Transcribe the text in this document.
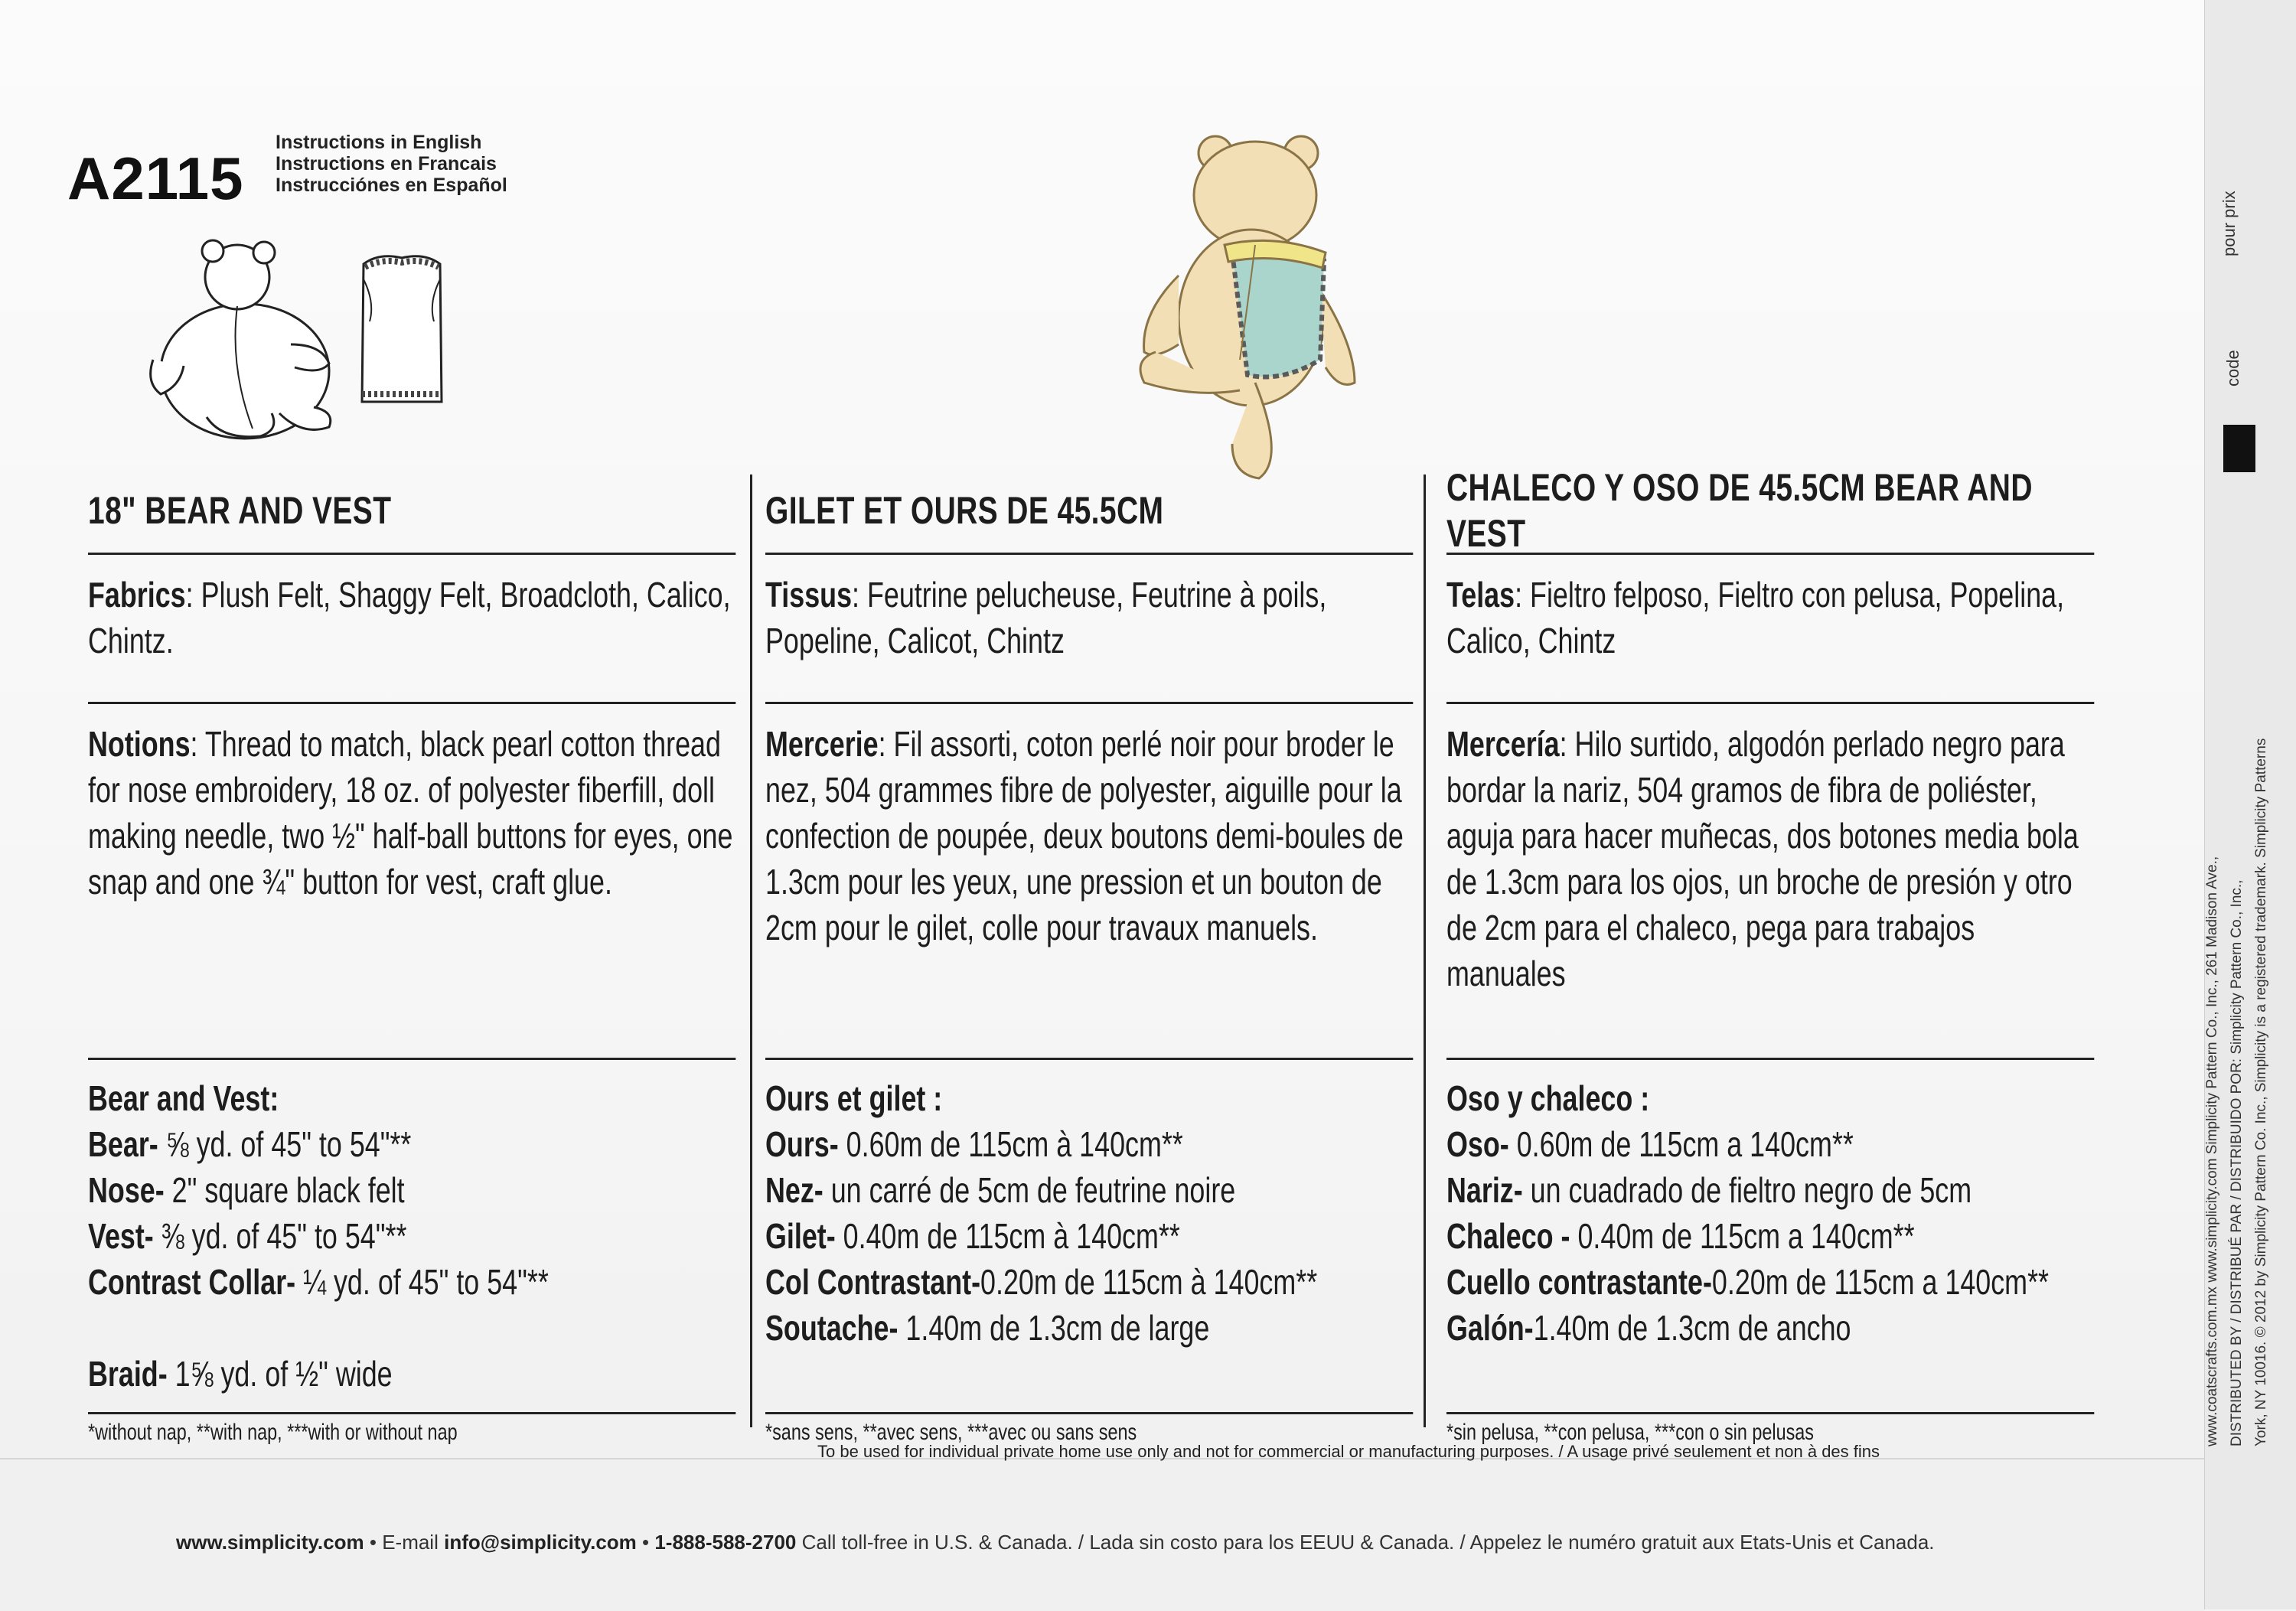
A2115
Instructions in English
Instructions en Francais
Instrucciónes en Español
18" BEAR AND VEST
Fabrics: Plush Felt, Shaggy Felt, Broadcloth, Calico, Chintz.
Notions: Thread to match, black pearl cotton thread for nose embroidery, 18 oz. of polyester fiberfill, doll making needle, two ½" half-ball buttons for eyes, one snap and one ¾" button for vest, craft glue.
Bear and Vest:
Bear- ⅝ yd. of 45" to 54"**
Nose- 2" square black felt
Vest- ⅜ yd. of 45" to 54"**
Contrast Collar- ¼ yd. of 45" to 54"**
Braid- 1⅝ yd. of ½" wide
*without nap, **with nap, ***with or without nap
GILET ET OURS DE 45.5CM
Tissus: Feutrine pelucheuse, Feutrine à poils, Popeline, Calicot, Chintz
Mercerie: Fil assorti, coton perlé noir pour broder le nez, 504 grammes fibre de polyester, aiguille pour la confection de poupée, deux boutons demi-boules de 1.3cm pour les yeux, une pression et un bouton de 2cm pour le gilet, colle pour travaux manuels.
Ours et gilet :
Ours- 0.60m de 115cm à 140cm**
Nez- un carré de 5cm de feutrine noire
Gilet- 0.40m de 115cm à 140cm**
Col Contrastant-0.20m de 115cm à 140cm**
Soutache- 1.40m de 1.3cm de large
*sans sens, **avec sens, ***avec ou sans sens
CHALECO Y OSO DE 45.5CM BEAR AND VEST
Telas: Fieltro felposo, Fieltro con pelusa, Popelina, Calico, Chintz
Mercería: Hilo surtido, algodón perlado negro para bordar la nariz, 504 gramos de fibra de poliéster, aguja para hacer muñecas, dos botones media bola de 1.3cm para los ojos, un broche de presión y otro de 2cm para el chaleco, pega para trabajos manuales
Oso y chaleco :
Oso- 0.60m de 115cm a 140cm**
Nariz- un cuadrado de fieltro negro de 5cm
Chaleco - 0.40m de 115cm a 140cm**
Cuello contrastante-0.20m de 115cm a 140cm**
Galón-1.40m de 1.3cm de ancho
*sin pelusa, **con pelusa, ***con o sin pelusas
To be used for individual private home use only and not for commercial or manufacturing purposes. / A usage privé seulement et non à des fins
www.simplicity.com • E-mail info@simplicity.com • 1-888-588-2700 Call toll-free in U.S. & Canada. / Lada sin costo para los EEUU & Canada. / Appelez le numéro gratuit aux Etats-Unis et Canada.
pour prix
code
www.coatscrafts.com.mx www.simplicity.com Simplicity Pattern Co., Inc., 261 Madison Ave., DISTRIBUTED BY / DISTRIBUÉ PAR / DISTRIBUIDO POR: Simplicity Pattern Co., Inc., York, NY 10016. © 2012 by Simplicity Pattern Co. Inc., Simplicity is a registered trademark. Simplicity Patterns
